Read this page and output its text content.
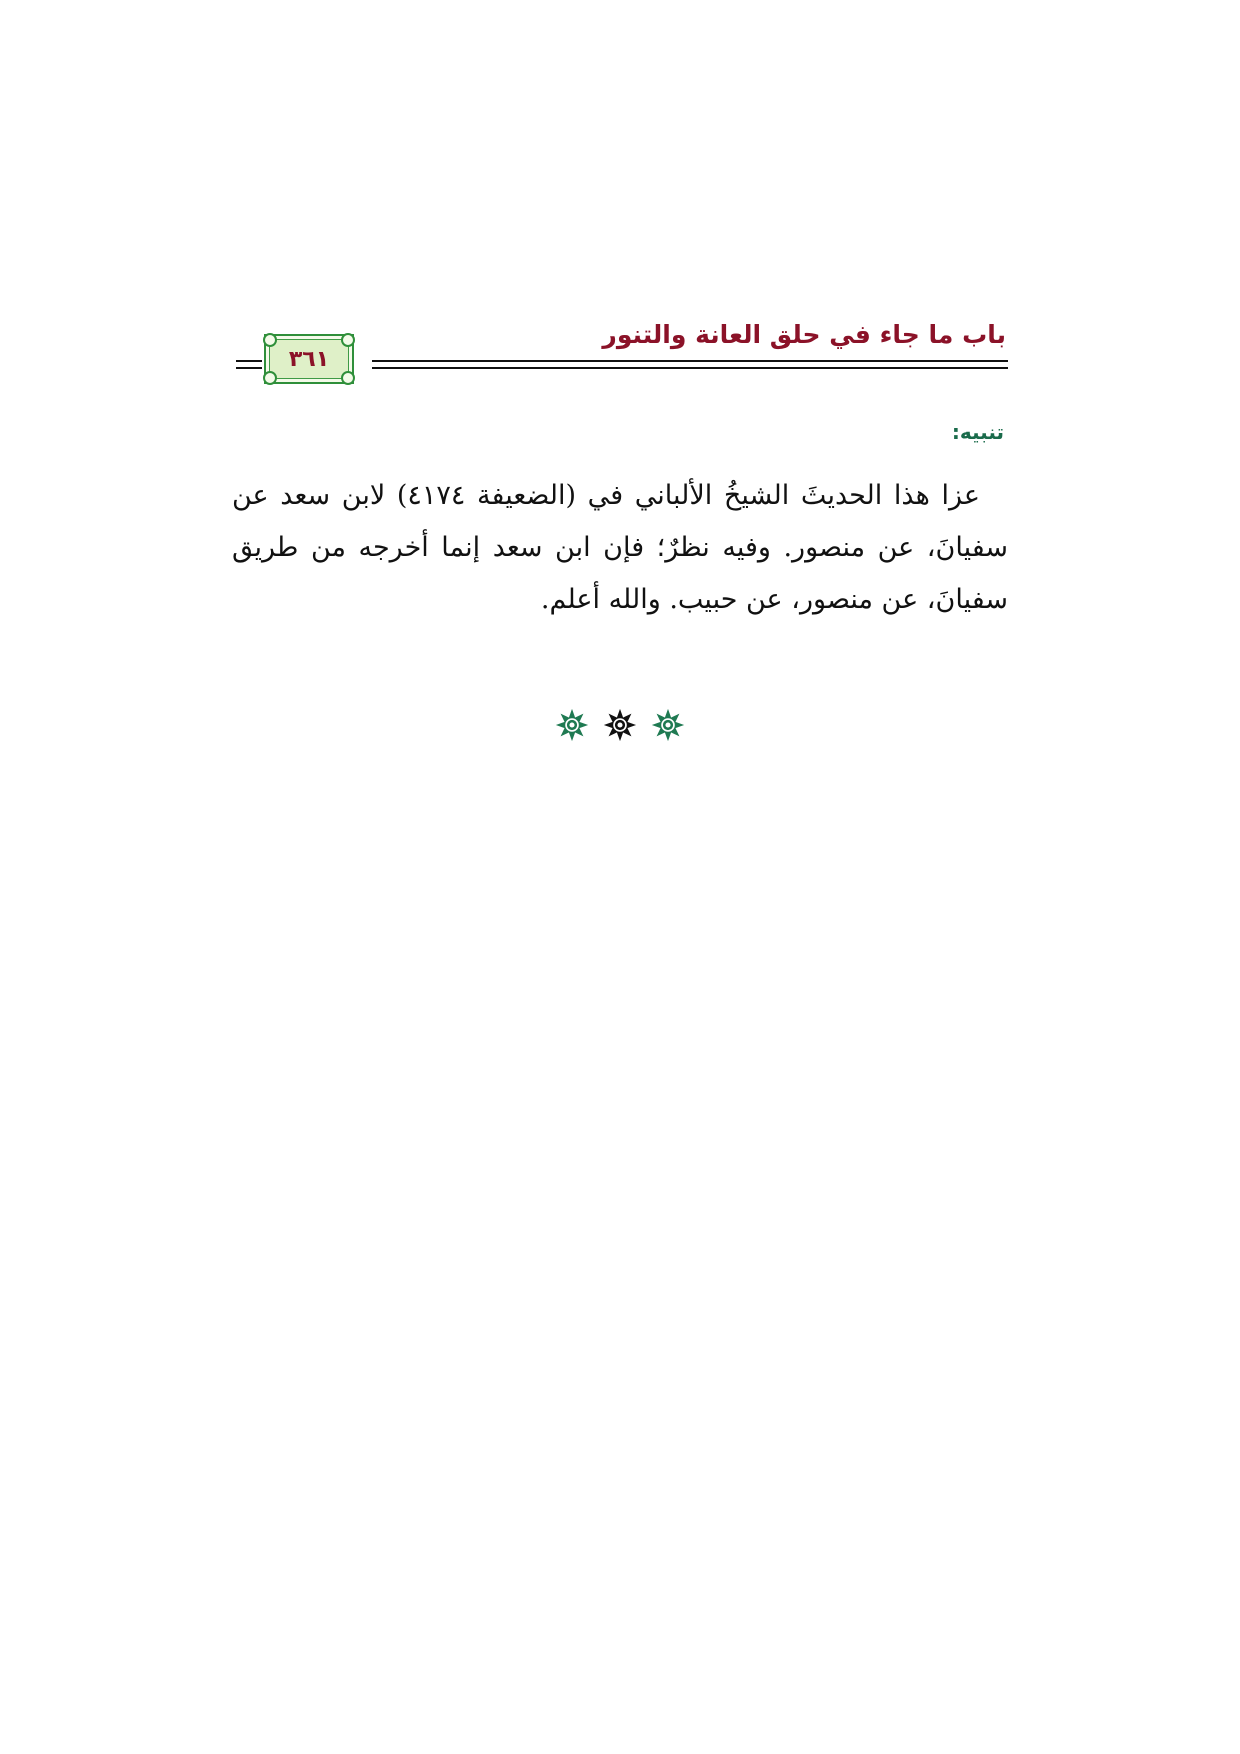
باب ما جاء في حلق العانة والتنور
٣٦١
تنبيه:

عزا هذا الحديثَ الشيخُ الألباني في (الضعيفة ٤١٧٤) لابن سعد عن سفيانَ، عن منصور. وفيه نظرٌ؛ فإن ابن سعد إنما أخرجه من طريق سفيانَ، عن منصور، عن حبيب. والله أعلم.
